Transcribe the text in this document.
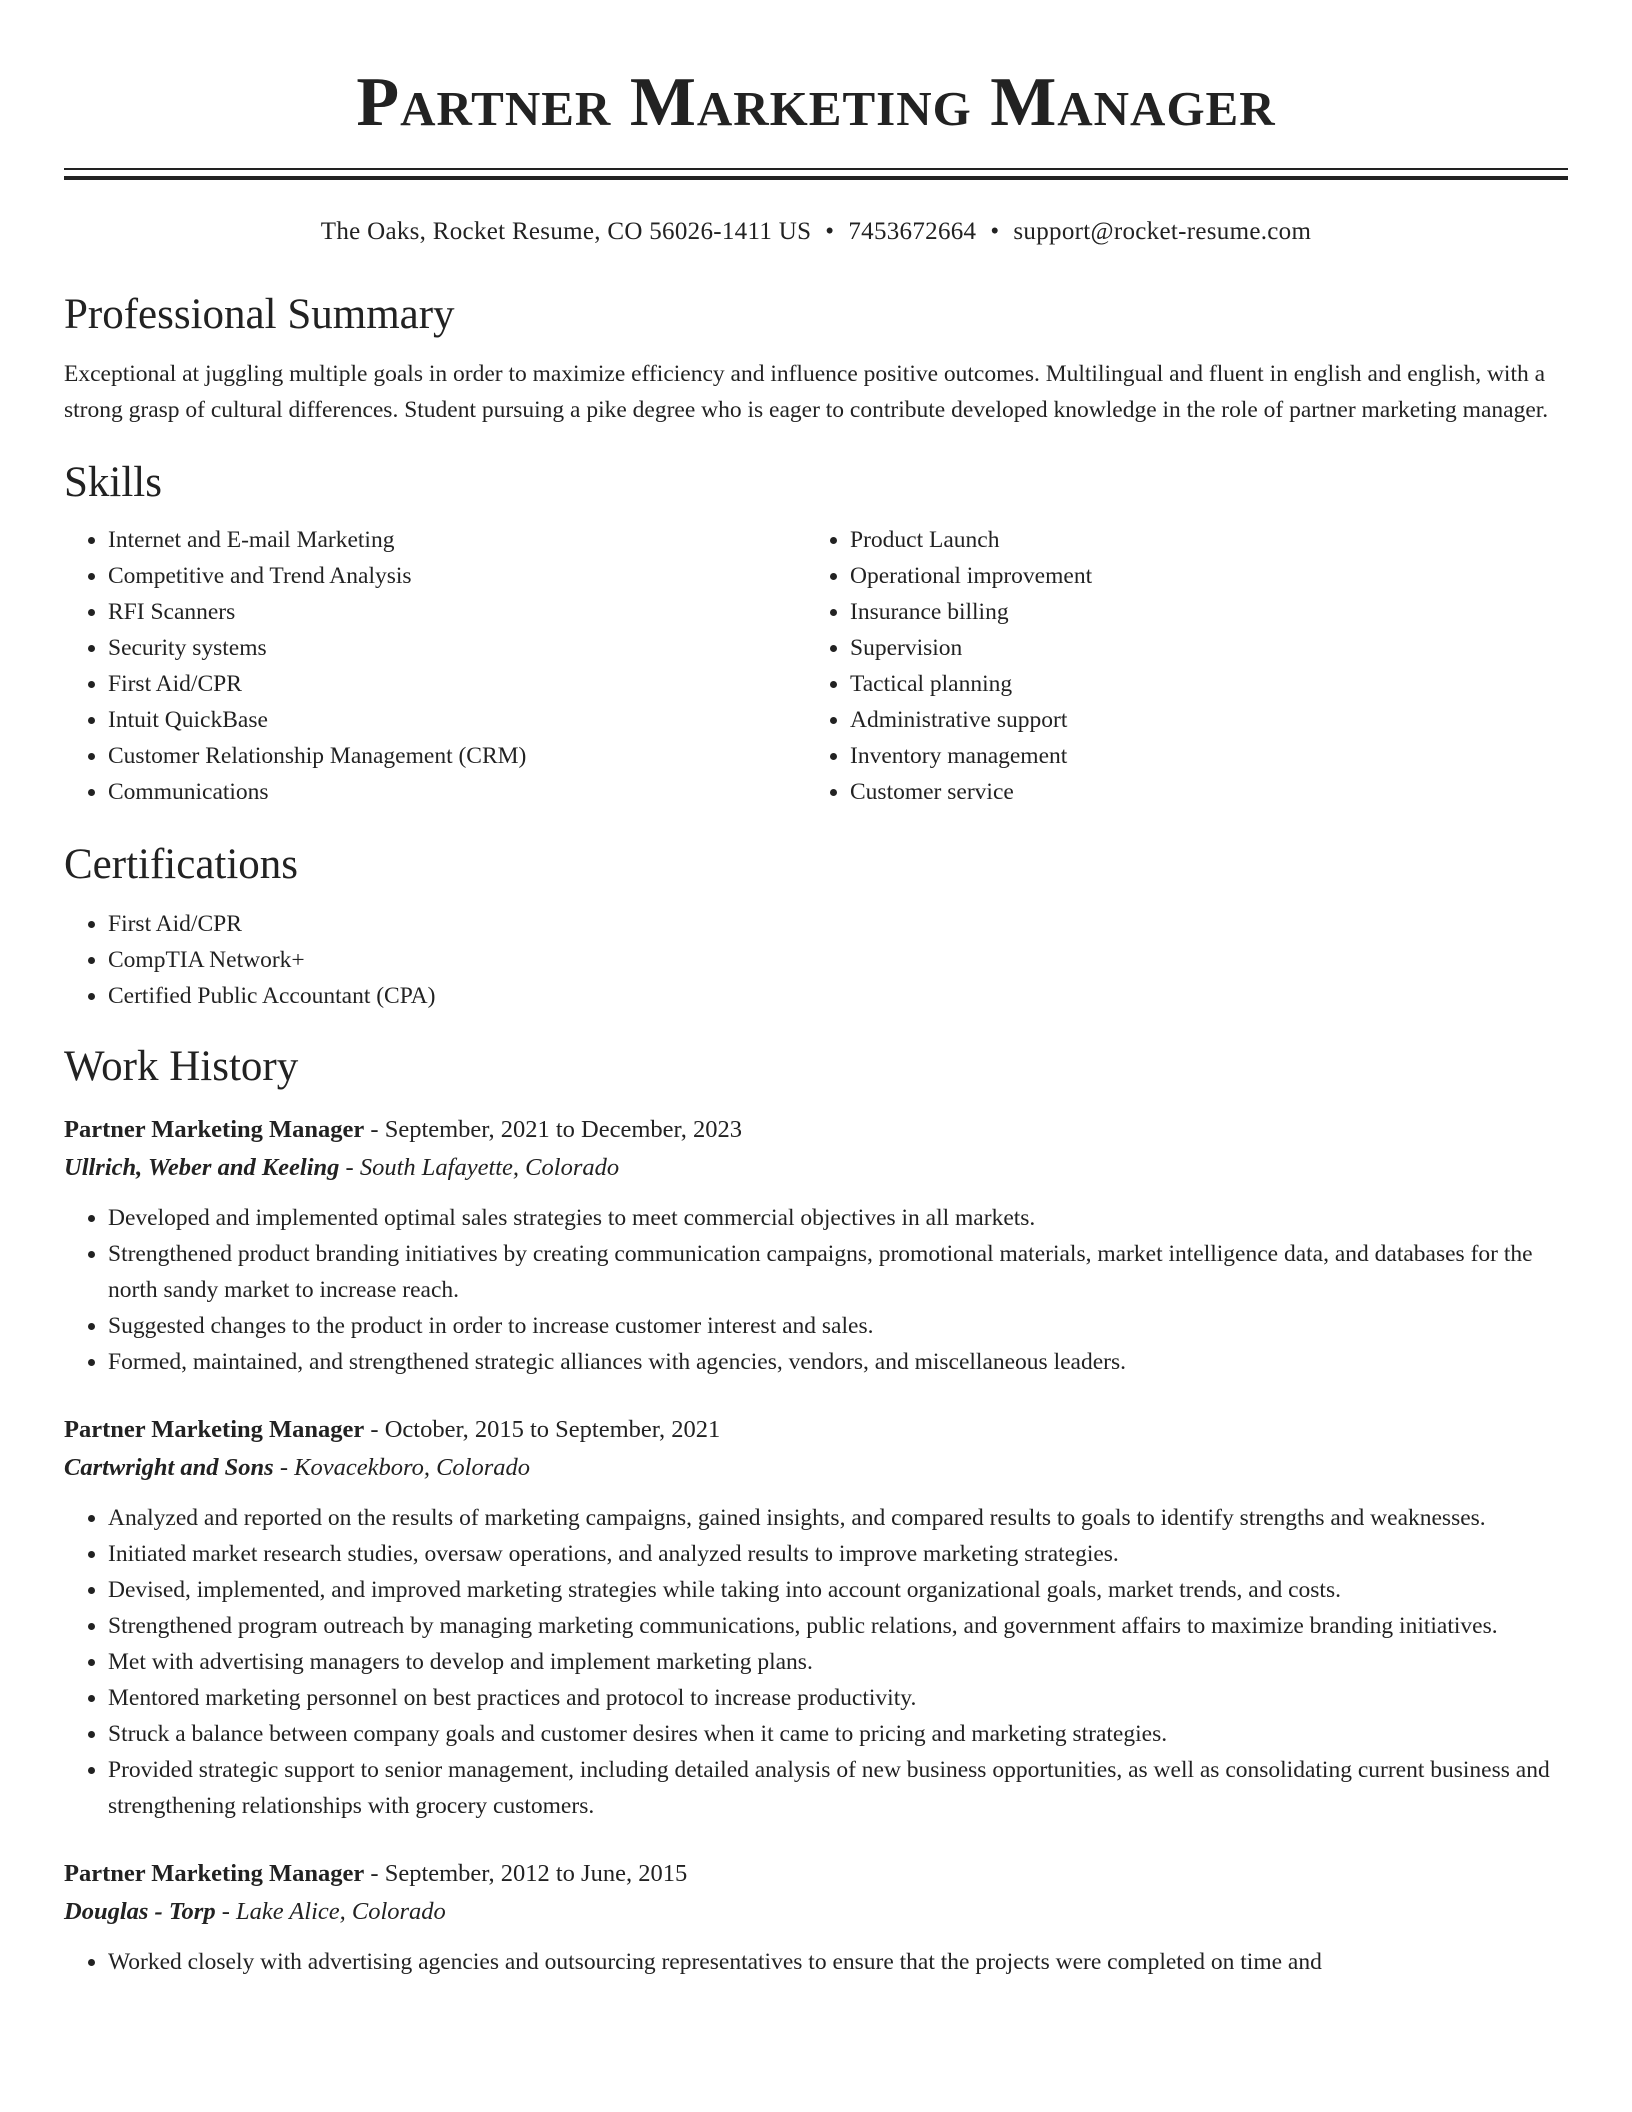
Partner Marketing Manager
The Oaks, Rocket Resume, CO 56026-1411 US • 7453672664 • support@rocket-resume.com
Professional Summary

Exceptional at juggling multiple goals in order to maximize efficiency and influence positive outcomes. Multilingual and fluent in english and english, with a strong grasp of cultural differences. Student pursuing a pike degree who is eager to contribute developed knowledge in the role of partner marketing manager.

Skills
• Internet and E-mail Marketing
• Competitive and Trend Analysis
• RFI Scanners
• Security systems
• First Aid/CPR
• Intuit QuickBase
• Customer Relationship Management (CRM)
• Communications
• Product Launch
• Operational improvement
• Insurance billing
• Supervision
• Tactical planning
• Administrative support
• Inventory management
• Customer service
Certifications
• First Aid/CPR
• CompTIA Network+
• Certified Public Accountant (CPA)
Work History
Partner Marketing Manager - September, 2021 to December, 2023
Ullrich, Weber and Keeling - South Lafayette, Colorado
• Developed and implemented optimal sales strategies to meet commercial objectives in all markets.
• Strengthened product branding initiatives by creating communication campaigns, promotional materials, market intelligence data, and databases for the north sandy market to increase reach.
• Suggested changes to the product in order to increase customer interest and sales.
• Formed, maintained, and strengthened strategic alliances with agencies, vendors, and miscellaneous leaders.
Partner Marketing Manager - October, 2015 to September, 2021
Cartwright and Sons - Kovacekboro, Colorado
• Analyzed and reported on the results of marketing campaigns, gained insights, and compared results to goals to identify strengths and weaknesses.
• Initiated market research studies, oversaw operations, and analyzed results to improve marketing strategies.
• Devised, implemented, and improved marketing strategies while taking into account organizational goals, market trends, and costs.
• Strengthened program outreach by managing marketing communications, public relations, and government affairs to maximize branding initiatives.
• Met with advertising managers to develop and implement marketing plans.
• Mentored marketing personnel on best practices and protocol to increase productivity.
• Struck a balance between company goals and customer desires when it came to pricing and marketing strategies.
• Provided strategic support to senior management, including detailed analysis of new business opportunities, as well as consolidating current business and strengthening relationships with grocery customers.
Partner Marketing Manager - September, 2012 to June, 2015
Douglas - Torp - Lake Alice, Colorado
• Worked closely with advertising agencies and outsourcing representatives to ensure that the projects were completed on time and
